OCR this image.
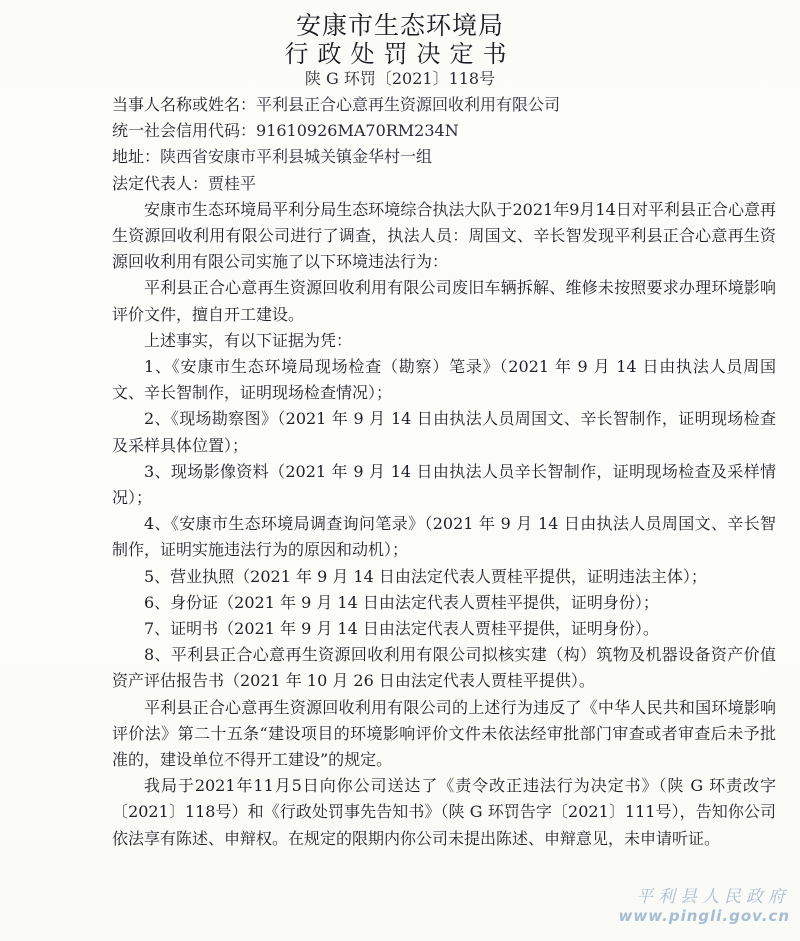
安康市生态环境局
行政处罚决定书
陕 G 环罚〔2021〕118号
当事人名称或姓名：平利县正合心意再生资源回收利用有限公司
统一社会信用代码：91610926MA70RM234N
地址：陕西省安康市平利县城关镇金华村一组
法定代表人：贾桂平

安康市生态环境局平利分局生态环境综合执法大队于2021年9月14日对平利县正合心意再生资源回收利用有限公司进行了调查，执法人员：周国文、辛长智发现平利县正合心意再生资源回收利用有限公司实施了以下环境违法行为：

平利县正合心意再生资源回收利用有限公司废旧车辆拆解、维修未按照要求办理环境影响评价文件，擅自开工建设。

上述事实，有以下证据为凭：

1、《安康市生态环境局现场检查（勘察）笔录》（2021 年 9 月 14 日由执法人员周国文、辛长智制作，证明现场检查情况）；

2、《现场勘察图》（2021 年 9 月 14 日由执法人员周国文、辛长智制作，证明现场检查及采样具体位置）；

3、现场影像资料（2021 年 9 月 14 日由执法人员辛长智制作，证明现场检查及采样情况）；

4、《安康市生态环境局调查询问笔录》（2021 年 9 月 14 日由执法人员周国文、辛长智制作，证明实施违法行为的原因和动机）；

5、营业执照（2021 年 9 月 14 日由法定代表人贾桂平提供，证明违法主体）；

6、身份证（2021 年 9 月 14 日由法定代表人贾桂平提供，证明身份）；

7、证明书（2021 年 9 月 14 日由法定代表人贾桂平提供，证明身份）。

8、平利县正合心意再生资源回收利用有限公司拟核实建（构）筑物及机器设备资产价值资产评估报告书（2021 年 10 月 26 日由法定代表人贾桂平提供）。

平利县正合心意再生资源回收利用有限公司的上述行为违反了《中华人民共和国环境影响评价法》第二十五条“建设项目的环境影响评价文件未依法经审批部门审查或者审查后未予批准的，建设单位不得开工建设”的规定。

我局于2021年11月5日向你公司送达了《责令改正违法行为决定书》（陕 G 环责改字〔2021〕118号）和《行政处罚事先告知书》（陕 G 环罚告字〔2021〕111号），告知你公司依法享有陈述、申辩权。在规定的限期内你公司未提出陈述、申辩意见，未申请听证。

平利县人民政府
www.pingli.gov.cn
